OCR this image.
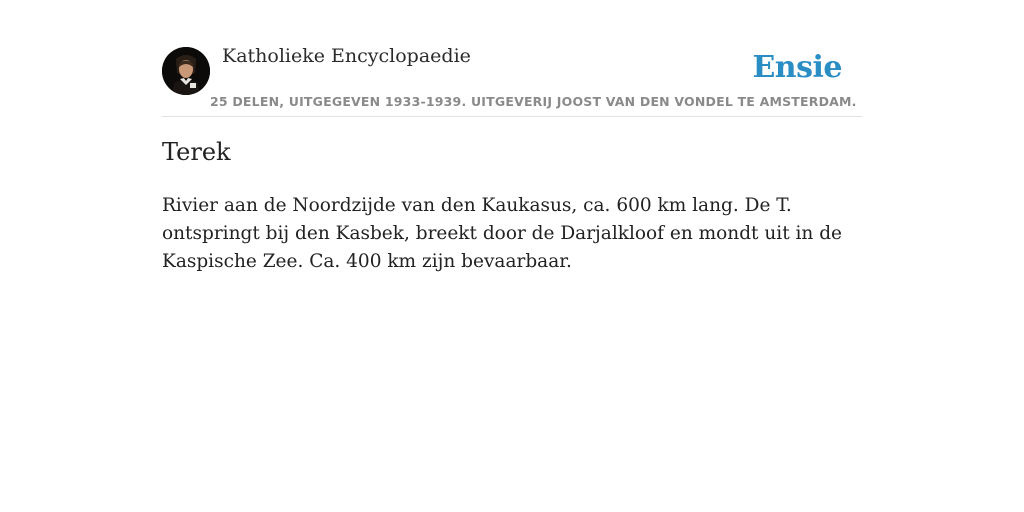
Katholieke Encyclopaedie
25 DELEN, UITGEGEVEN 1933-1939. UITGEVERIJ JOOST VAN DEN VONDEL TE AMSTERDAM.
Ensie
Terek

Rivier aan de Noordzijde van den Kaukasus, ca. 600 km lang. De T. ontspringt bij den Kasbek, breekt door de Darjalkloof en mondt uit in de Kaspische Zee. Ca. 400 km zijn bevaarbaar.
